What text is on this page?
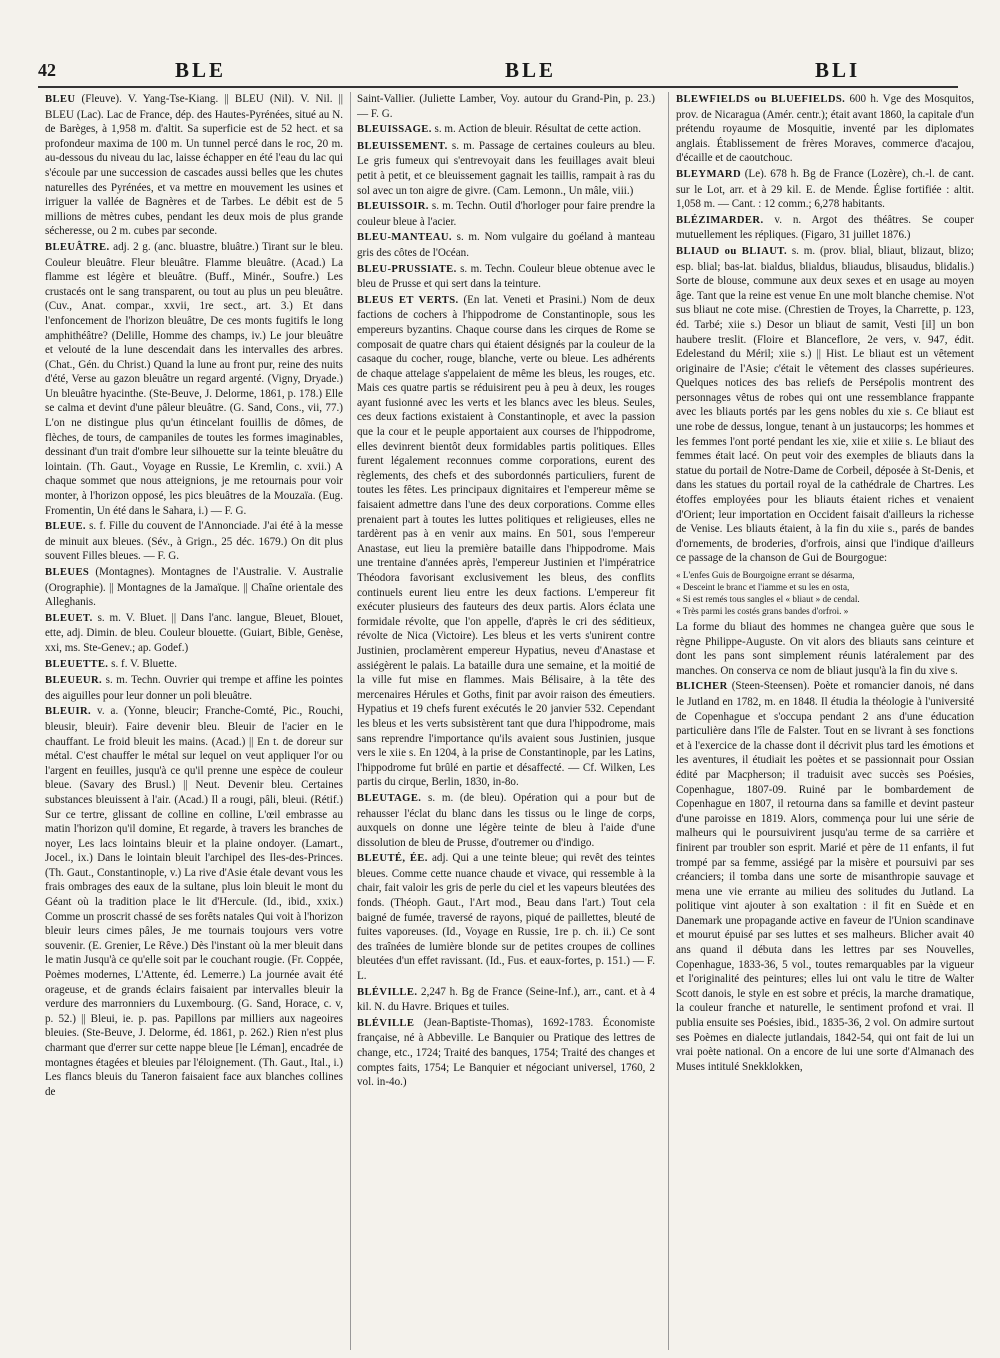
42	BLE	BLE	BLI

BLEU (Fleuve). V. Yang-Tse-Kiang. || BLEU (Nil). V. Nil. || BLEU (Lac). Lac de France, dép. des Hautes-Pyrénées, situé au N. de Barèges, à 1,958 m. d'altit. Sa superficie est de 52 hect. et sa profondeur maxima de 100 m. Un tunnel percé dans le roc, 20 m. au-dessous du niveau du lac, laisse échapper en été l'eau du lac qui s'écoule par une succession de cascades aussi belles que les chutes naturelles des Pyrénées, et va mettre en mouvement les usines et irriguer la vallée de Bagnères et de Tarbes. Le débit est de 5 millions de mètres cubes, pendant les deux mois de plus grande sécheresse, ou 2 m. cubes par seconde.

BLEUÂTRE. adj. 2 g. (anc. bluastre, bluâtre.) Tirant sur le bleu. Couleur bleuâtre. Fleur bleuâtre. Flamme bleuâtre. (Acad.) La flamme est légère et bleuâtre. (Buff., Minér., Soufre.) Les crustacés ont le sang transparent, ou tout au plus un peu bleuâtre. (Cuv., Anat. compar., xxvii, 1re sect., art. 3.) Et dans l'enfoncement de l'horizon bleuâtre, De ces monts fugitifs le long amphithéâtre? (Delille, Homme des champs, iv.) Le jour bleuâtre et velouté de la lune descendait dans les intervalles des arbres. (Chat., Gén. du Christ.) Quand la lune au front pur, reine des nuits d'été, Verse au gazon bleuâtre un regard argenté. (Vigny, Dryade.) Un bleuâtre hyacinthe. (Ste-Beuve, J. Delorme, 1861, p. 178.) Elle se calma et devint d'une pâleur bleuâtre. (G. Sand, Cons., vii, 77.) L'on ne distingue plus qu'un étincelant fouillis de dômes, de flèches, de tours, de campaniles de toutes les formes imaginables, dessinant d'un trait d'ombre leur silhouette sur la teinte bleuâtre du lointain. (Th. Gaut., Voyage en Russie, Le Kremlin, c. xvii.) A chaque sommet que nous atteignions, je me retournais pour voir monter, à l'horizon opposé, les pics bleuâtres de la Mouzaïa. (Eug. Fromentin, Un été dans le Sahara, i.) — F. G.

BLEUE. s. f. Fille du couvent de l'Annonciade. J'ai été à la messe de minuit aux bleues. (Sév., à Grign., 25 déc. 1679.) On dit plus souvent Filles bleues. — F. G.

BLEUES (Montagnes). Montagnes de l'Australie. V. Australie (Orographie). || Montagnes de la Jamaïque. || Chaîne orientale des Alleghanis.

BLEUET. s. m. V. Bluet. || Dans l'anc. langue, Bleuet, Blouet, ette, adj. Dimin. de bleu. Couleur blouette. (Guiart, Bible, Genèse, xxi, ms. Ste-Genev.; ap. Godef.)

BLEUETTE. s. f. V. Bluette.

BLEUEUR. s. m. Techn. Ouvrier qui trempe et affine les pointes des aiguilles pour leur donner un poli bleuâtre.

BLEUIR. v. a. (Yonne, bleucir; Franche-Comté, Pic., Rouchi, bleusir, bleuir). Faire devenir bleu. Bleuir de l'acier en le chauffant. Le froid bleuit les mains. (Acad.) || En t. de doreur sur métal. C'est chauffer le métal sur lequel on veut appliquer l'or ou l'argent en feuilles, jusqu'à ce qu'il prenne une espèce de couleur bleue. (Savary des Brusl.) || Neut. Devenir bleu. Certaines substances bleuissent à l'air. (Acad.) Il a rougi, pâli, bleui. (Rétif.) Sur ce tertre, glissant de colline en colline, L'œil embrasse au matin l'horizon qu'il domine, Et regarde, à travers les branches de noyer, Les lacs lointains bleuir et la plaine ondoyer. (Lamart., Jocel., ix.) Dans le lointain bleuit l'archipel des Iles-des-Princes. (Th. Gaut., Constantinople, v.) La rive d'Asie étale devant vous les frais ombrages des eaux de la sultane, plus loin bleuit le mont du Géant où la tradition place le lit d'Hercule. (Id., ibid., xxix.) Comme un proscrit chassé de ses forêts natales Qui voit à l'horizon bleuir leurs cimes pâles, Je me tournais toujours vers votre souvenir. (E. Grenier, Le Rêve.) Dès l'instant où la mer bleuit dans le matin Jusqu'à ce qu'elle soit par le couchant rougie. (Fr. Coppée, Poèmes modernes, L'Attente, éd. Lemerre.) La journée avait été orageuse, et de grands éclairs faisaient par intervalles bleuir la verdure des marronniers du Luxembourg. (G. Sand, Horace, c. v, p. 52.) || Bleui, ie. p. pas. Papillons par milliers aux nageoires bleuies. (Ste-Beuve, J. Delorme, éd. 1861, p. 262.) Rien n'est plus charmant que d'errer sur cette nappe bleue [le Léman], encadrée de montagnes étagées et bleuies par l'éloignement. (Th. Gaut., Ital., i.) Les flancs bleuis du Taneron faisaient face aux blanches collines de

Saint-Vallier. (Juliette Lamber, Voy. autour du Grand-Pin, p. 23.) — F. G.

BLEUISSAGE. s. m. Action de bleuir. Résultat de cette action.

BLEUISSEMENT. s. m. Passage de certaines couleurs au bleu. Le gris fumeux qui s'entrevoyait dans les feuillages avait bleui petit à petit, et ce bleuissement gagnait les taillis, rampait à ras du sol avec un ton aigre de givre. (Cam. Lemonn., Un mâle, viii.)

BLEUISSOIR. s. m. Techn. Outil d'horloger pour faire prendre la couleur bleue à l'acier.

BLEU-MANTEAU. s. m. Nom vulgaire du goéland à manteau gris des côtes de l'Océan.

BLEU-PRUSSIATE. s. m. Techn. Couleur bleue obtenue avec le bleu de Prusse et qui sert dans la teinture.

BLEUS ET VERTS. (En lat. Veneti et Prasini.) Nom de deux factions de cochers à l'hippodrome de Constantinople, sous les empereurs byzantins. Chaque course dans les cirques de Rome se composait de quatre chars qui étaient désignés par la couleur de la casaque du cocher, rouge, blanche, verte ou bleue. Les adhérents de chaque attelage s'appelaient de même les bleus, les rouges, etc. Mais ces quatre partis se réduisirent peu à peu à deux, les rouges ayant fusionné avec les verts et les blancs avec les bleus. Seules, ces deux factions existaient à Constantinople, et avec la passion que la cour et le peuple apportaient aux courses de l'hippodrome, elles devinrent bientôt deux formidables partis politiques. Elles furent légalement reconnues comme corporations, eurent des règlements, des chefs et des subordonnés particuliers, furent de toutes les fêtes. Les principaux dignitaires et l'empereur même se faisaient admettre dans l'une des deux corporations. Comme elles prenaient part à toutes les luttes politiques et religieuses, elles ne tardèrent pas à en venir aux mains. En 501, sous l'empereur Anastase, eut lieu la première bataille dans l'hippodrome. Mais une trentaine d'années après, l'empereur Justinien et l'impératrice Théodora favorisant exclusivement les bleus, des conflits continuels eurent lieu entre les deux factions. L'empereur fit exécuter plusieurs des fauteurs des deux partis. Alors éclata une formidale révolte, que l'on appelle, d'après le cri des séditieux, révolte de Nica (Victoire). Les bleus et les verts s'unirent contre Justinien, proclamèrent empereur Hypatius, neveu d'Anastase et assiégèrent le palais. La bataille dura une semaine, et la moitié de la ville fut mise en flammes. Mais Bélisaire, à la tête des mercenaires Hérules et Goths, finit par avoir raison des émeutiers. Hypatius et 19 chefs furent exécutés le 20 janvier 532. Cependant les bleus et les verts subsistèrent tant que dura l'hippodrome, mais sans reprendre l'importance qu'ils avaient sous Justinien, jusque vers le xiie s. En 1204, à la prise de Constantinople, par les Latins, l'hippodrome fut brûlé en partie et désaffecté. — Cf. Wilken, Les partis du cirque, Berlin, 1830, in-8o.

BLEUTAGE. s. m. (de bleu). Opération qui a pour but de rehausser l'éclat du blanc dans les tissus ou le linge de corps, auxquels on donne une légère teinte de bleu à l'aide d'une dissolution de bleu de Prusse, d'outremer ou d'indigo.

BLEUTÉ, ÉE. adj. Qui a une teinte bleue; qui revêt des teintes bleues. Comme cette nuance chaude et vivace, qui ressemble à la chair, fait valoir les gris de perle du ciel et les vapeurs bleutées des fonds. (Théoph. Gaut., l'Art mod., Beau dans l'art.) Tout cela baigné de fumée, traversé de rayons, piqué de paillettes, bleuté de fuites vaporeuses. (Id., Voyage en Russie, 1re p. ch. ii.) Ce sont des traînées de lumière blonde sur de petites croupes de collines bleutées d'un effet ravissant. (Id., Fus. et eaux-fortes, p. 151.) — F. L.

BLÉVILLE. 2,247 h. Bg de France (Seine-Inf.), arr., cant. et à 4 kil. N. du Havre. Briques et tuiles.

BLÉVILLE (Jean-Baptiste-Thomas), 1692-1783. Économiste française, né à Abbeville. Le Banquier ou Pratique des lettres de change, etc., 1724; Traité des banques, 1754; Traité des changes et comptes faits, 1754; Le Banquier et négociant universel, 1760, 2 vol. in-4o.)

BLEWFIELDS ou BLUEFIELDS. 600 h. Vge des Mosquitos, prov. de Nicaragua (Amér. centr.); était avant 1860, la capitale d'un prétendu royaume de Mosquitie, inventé par les diplomates anglais. Établissement de frères Moraves, commerce d'acajou, d'écaille et de caoutchouc.

BLEYMARD (Le). 678 h. Bg de France (Lozère), ch.-l. de cant. sur le Lot, arr. et à 29 kil. E. de Mende. Église fortifiée : altit. 1,058 m. — Cant. : 12 comm.; 6,278 habitants.

BLÉZIMARDER. v. n. Argot des théâtres. Se couper mutuellement les répliques. (Figaro, 31 juillet 1876.)

BLIAUD ou BLIAUT. s. m. (prov. blial, bliaut, blizaut, blizo; esp. blial; bas-lat. bialdus, blialdus, bliaudus, blisaudus, blidalis.) Sorte de blouse, commune aux deux sexes et en usage au moyen âge. Tant que la reine est venue En une molt blanche chemise. N'ot sus bliaut ne cote mise. (Chrestien de Troyes, la Charrette, p. 123, éd. Tarbé; xiie s.) Desor un bliaut de samit, Vesti [il] un bon haubere treslit. (Floire et Blanceflore, 2e vers, v. 947, édit. Edelestand du Méril; xiie s.) || Hist. Le bliaut est un vêtement originaire de l'Asie; c'était le vêtement des classes supérieures. Quelques notices des bas reliefs de Persépolis montrent des personnages vêtus de robes qui ont une ressemblance frappante avec les bliauts portés par les gens nobles du xie s. Ce bliaut est une robe de dessus, longue, tenant à un justaucorps; les hommes et les femmes l'ont porté pendant les xie, xiie et xiiie s. Le bliaut des femmes était lacé. On peut voir des exemples de bliauts dans la statue du portail de Notre-Dame de Corbeil, déposée à St-Denis, et dans les statues du portail royal de la cathédrale de Chartres. Les étoffes employées pour les bliauts étaient riches et venaient d'Orient; leur importation en Occident faisait d'ailleurs la richesse de Venise. Les bliauts étaient, à la fin du xiie s., parés de bandes d'ornements, de broderies, d'orfrois, ainsi que l'indique d'ailleurs ce passage de la chanson de Gui de Bourgogue:

« L'enfes Guis de Bourgoigne errant se désarma,
« Desceint le branc et l'iamme et su les en osta,
« Si est remés tous sangles el « bliaut » de cendal.
« Très parmi les costés grans bandes d'orfroi. »

La forme du bliaut des hommes ne changea guère que sous le règne Philippe-Auguste. On vit alors des bliauts sans ceinture et dont les pans sont simplement réunis latéralement par des manches. On conserva ce nom de bliaut jusqu'à la fin du xive s.

BLICHER (Steen-Steensen). Poète et romancier danois, né dans le Jutland en 1782, m. en 1848. Il étudia la théologie à l'université de Copenhague et s'occupa pendant 2 ans d'une éducation particulière dans l'île de Falster. Tout en se livrant à ses fonctions et à l'exercice de la chasse dont il décrivit plus tard les émotions et les aventures, il étudiait les poètes et se passionnait pour Ossian édité par Macpherson; il traduisit avec succès ses Poésies, Copenhague, 1807-09. Ruiné par le bombardement de Copenhague en 1807, il retourna dans sa famille et devint pasteur d'une paroisse en 1819. Alors, commença pour lui une série de malheurs qui le poursuivirent jusqu'au terme de sa carrière et finirent par troubler son esprit. Marié et père de 11 enfants, il fut trompé par sa femme, assiégé par la misère et poursuivi par ses créanciers; il tomba dans une sorte de misanthropie sauvage et mena une vie errante au milieu des solitudes du Jutland. La politique vint ajouter à son exaltation : il fit en Suède et en Danemark une propagande active en faveur de l'Union scandinave et mourut épuisé par ses luttes et ses malheurs. Blicher avait 40 ans quand il débuta dans les lettres par ses Nouvelles, Copenhague, 1833-36, 5 vol., toutes remarquables par la vigueur et l'originalité des peintures; elles lui ont valu le titre de Walter Scott danois, le style en est sobre et précis, la marche dramatique, la couleur franche et naturelle, le sentiment profond et vrai. Il publia ensuite ses Poésies, ibid., 1835-36, 2 vol. On admire surtout ses Poèmes en dialecte jutlandais, 1842-54, qui ont fait de lui un vrai poète national. On a encore de lui une sorte d'Almanach des Muses intitulé Snekklokken,
